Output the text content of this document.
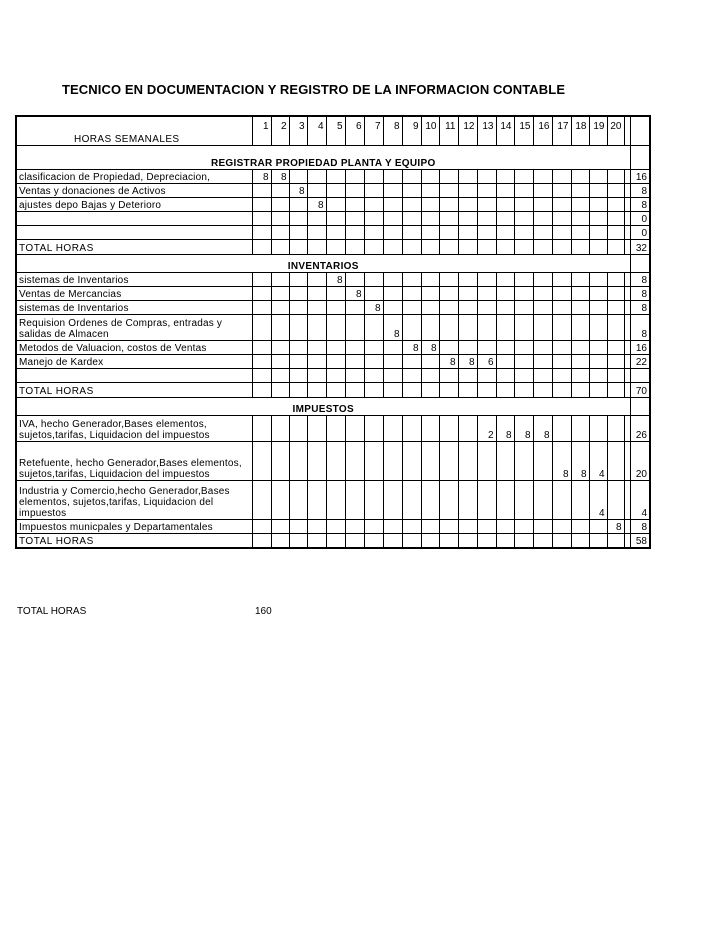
TECNICO EN DOCUMENTACION Y REGISTRO DE LA INFORMACION CONTABLE
HORAS SEMANALES	1	2	3	4	5	6	7	8	9	10	11	12	13	14	15	16	17	18	19	20		

REGISTRAR PROPIEDAD PLANTA Y EQUIPO																						
clasificacion de Propiedad, Depreciacion,	8	8																				16
Ventas y donaciones de Activos			8																			8
ajustes depo Bajas y Deterioro				8																		8
																						0
																						0
TOTAL HORAS																						32
INVENTARIOS																						
sistemas de Inventarios					8																	8
Ventas de Mercancias						8																8
sistemas de Inventarios							8															8
Requision Ordenes de Compras, entradas y salidas de Almacen								8														8
Metodos de Valuacion, costos de Ventas									8	8												16
Manejo de Kardex											8	8	6									22

TOTAL HORAS																						70
IMPUESTOS																						
IVA, hecho Generador,Bases elementos, sujetos,tarifas, Liquidacion del impuestos													2	8	8	8						26
Retefuente, hecho Generador,Bases elementos, sujetos,tarifas, Liquidacion del impuestos																	8	8	4			20
Industria y Comercio,hecho Generador,Bases elementos, sujetos,tarifas, Liquidacion del impuestos																			4			4
Impuestos municpales y Departamentales																				8		8
TOTAL HORAS																						58
TOTAL HORAS	160
